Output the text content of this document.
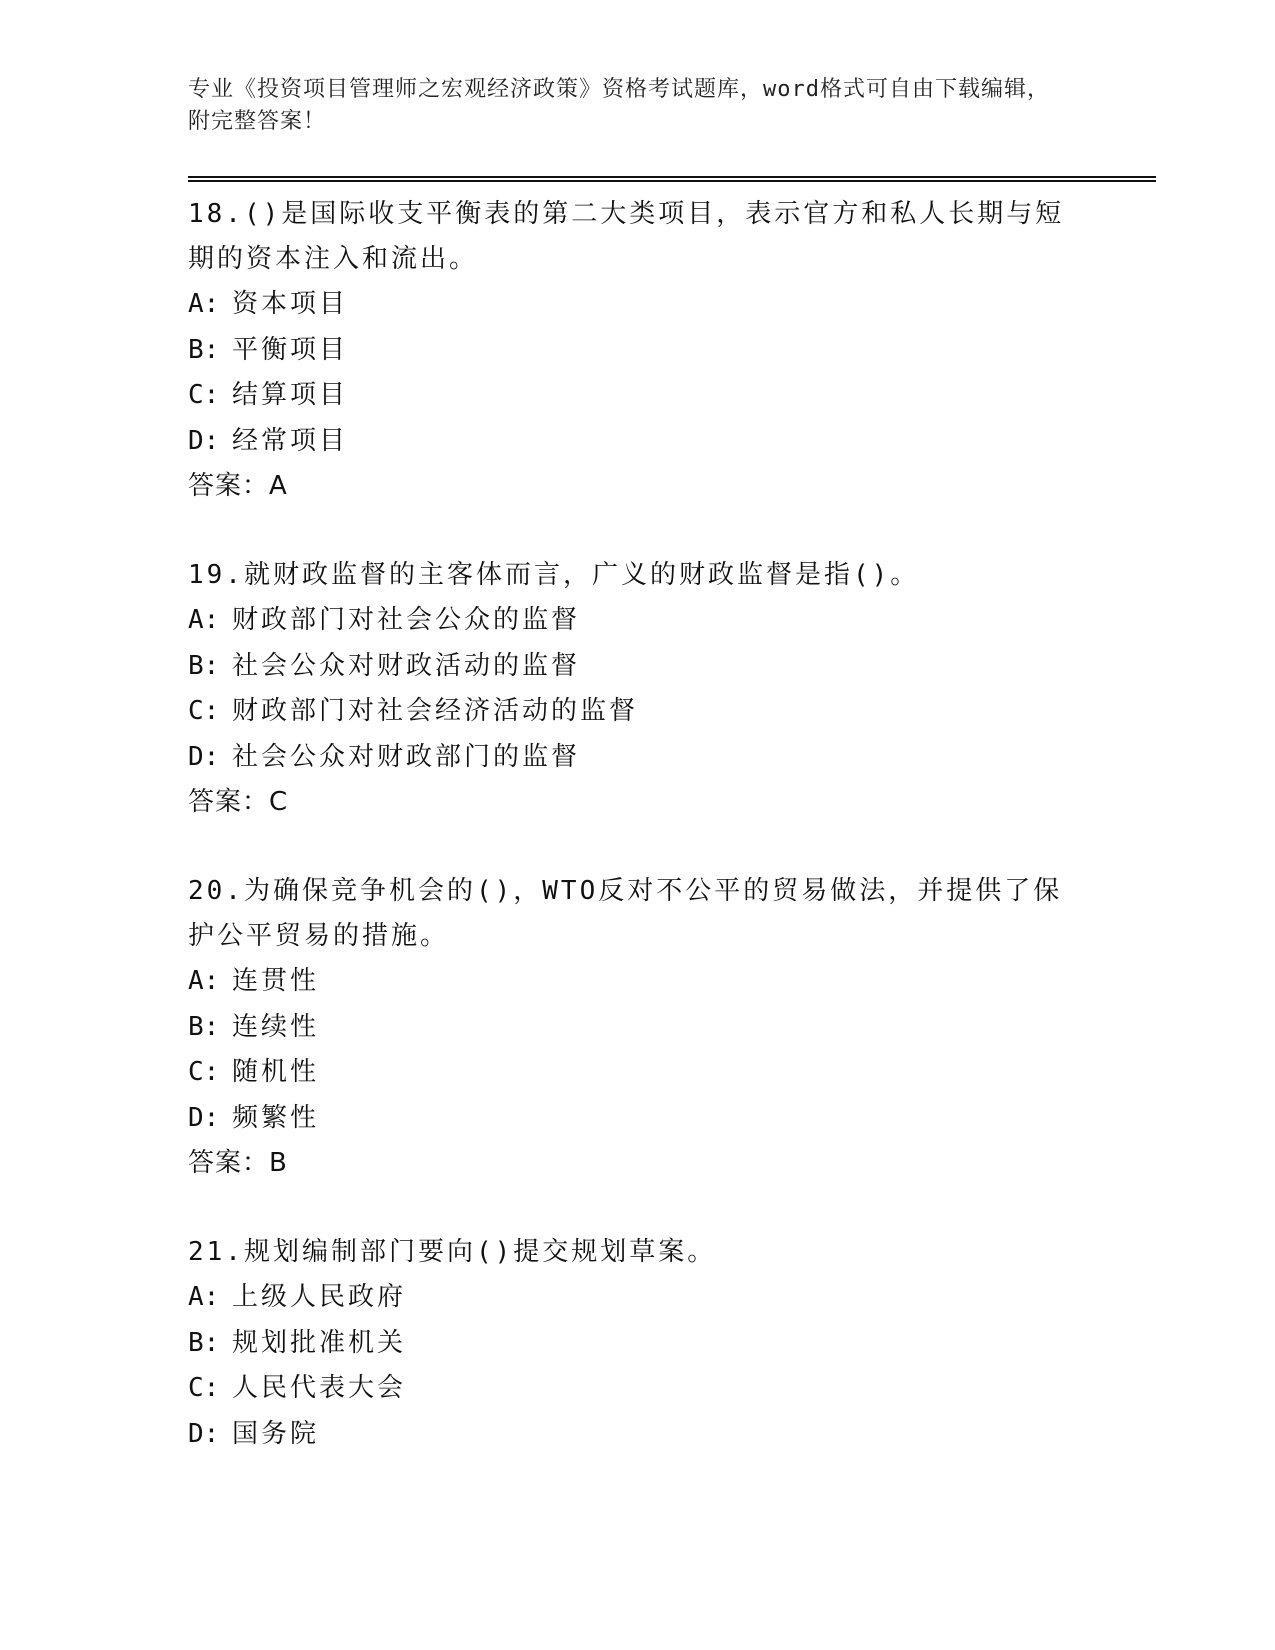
专业《投资项目管理师之宏观经济政策》资格考试题库，word格式可自由下载编辑，附完整答案！
18.()是国际收支平衡表的第二大类项目，表示官方和私人长期与短期的资本注入和流出。
A: 资本项目
B: 平衡项目
C: 结算项目
D: 经常项目
答案：A
19.就财政监督的主客体而言，广义的财政监督是指()。
A: 财政部门对社会公众的监督
B: 社会公众对财政活动的监督
C: 财政部门对社会经济活动的监督
D: 社会公众对财政部门的监督
答案：C
20.为确保竞争机会的()，WTO反对不公平的贸易做法，并提供了保护公平贸易的措施。
A: 连贯性
B: 连续性
C: 随机性
D: 频繁性
答案：B
21.规划编制部门要向()提交规划草案。
A: 上级人民政府
B: 规划批准机关
C: 人民代表大会
D: 国务院
